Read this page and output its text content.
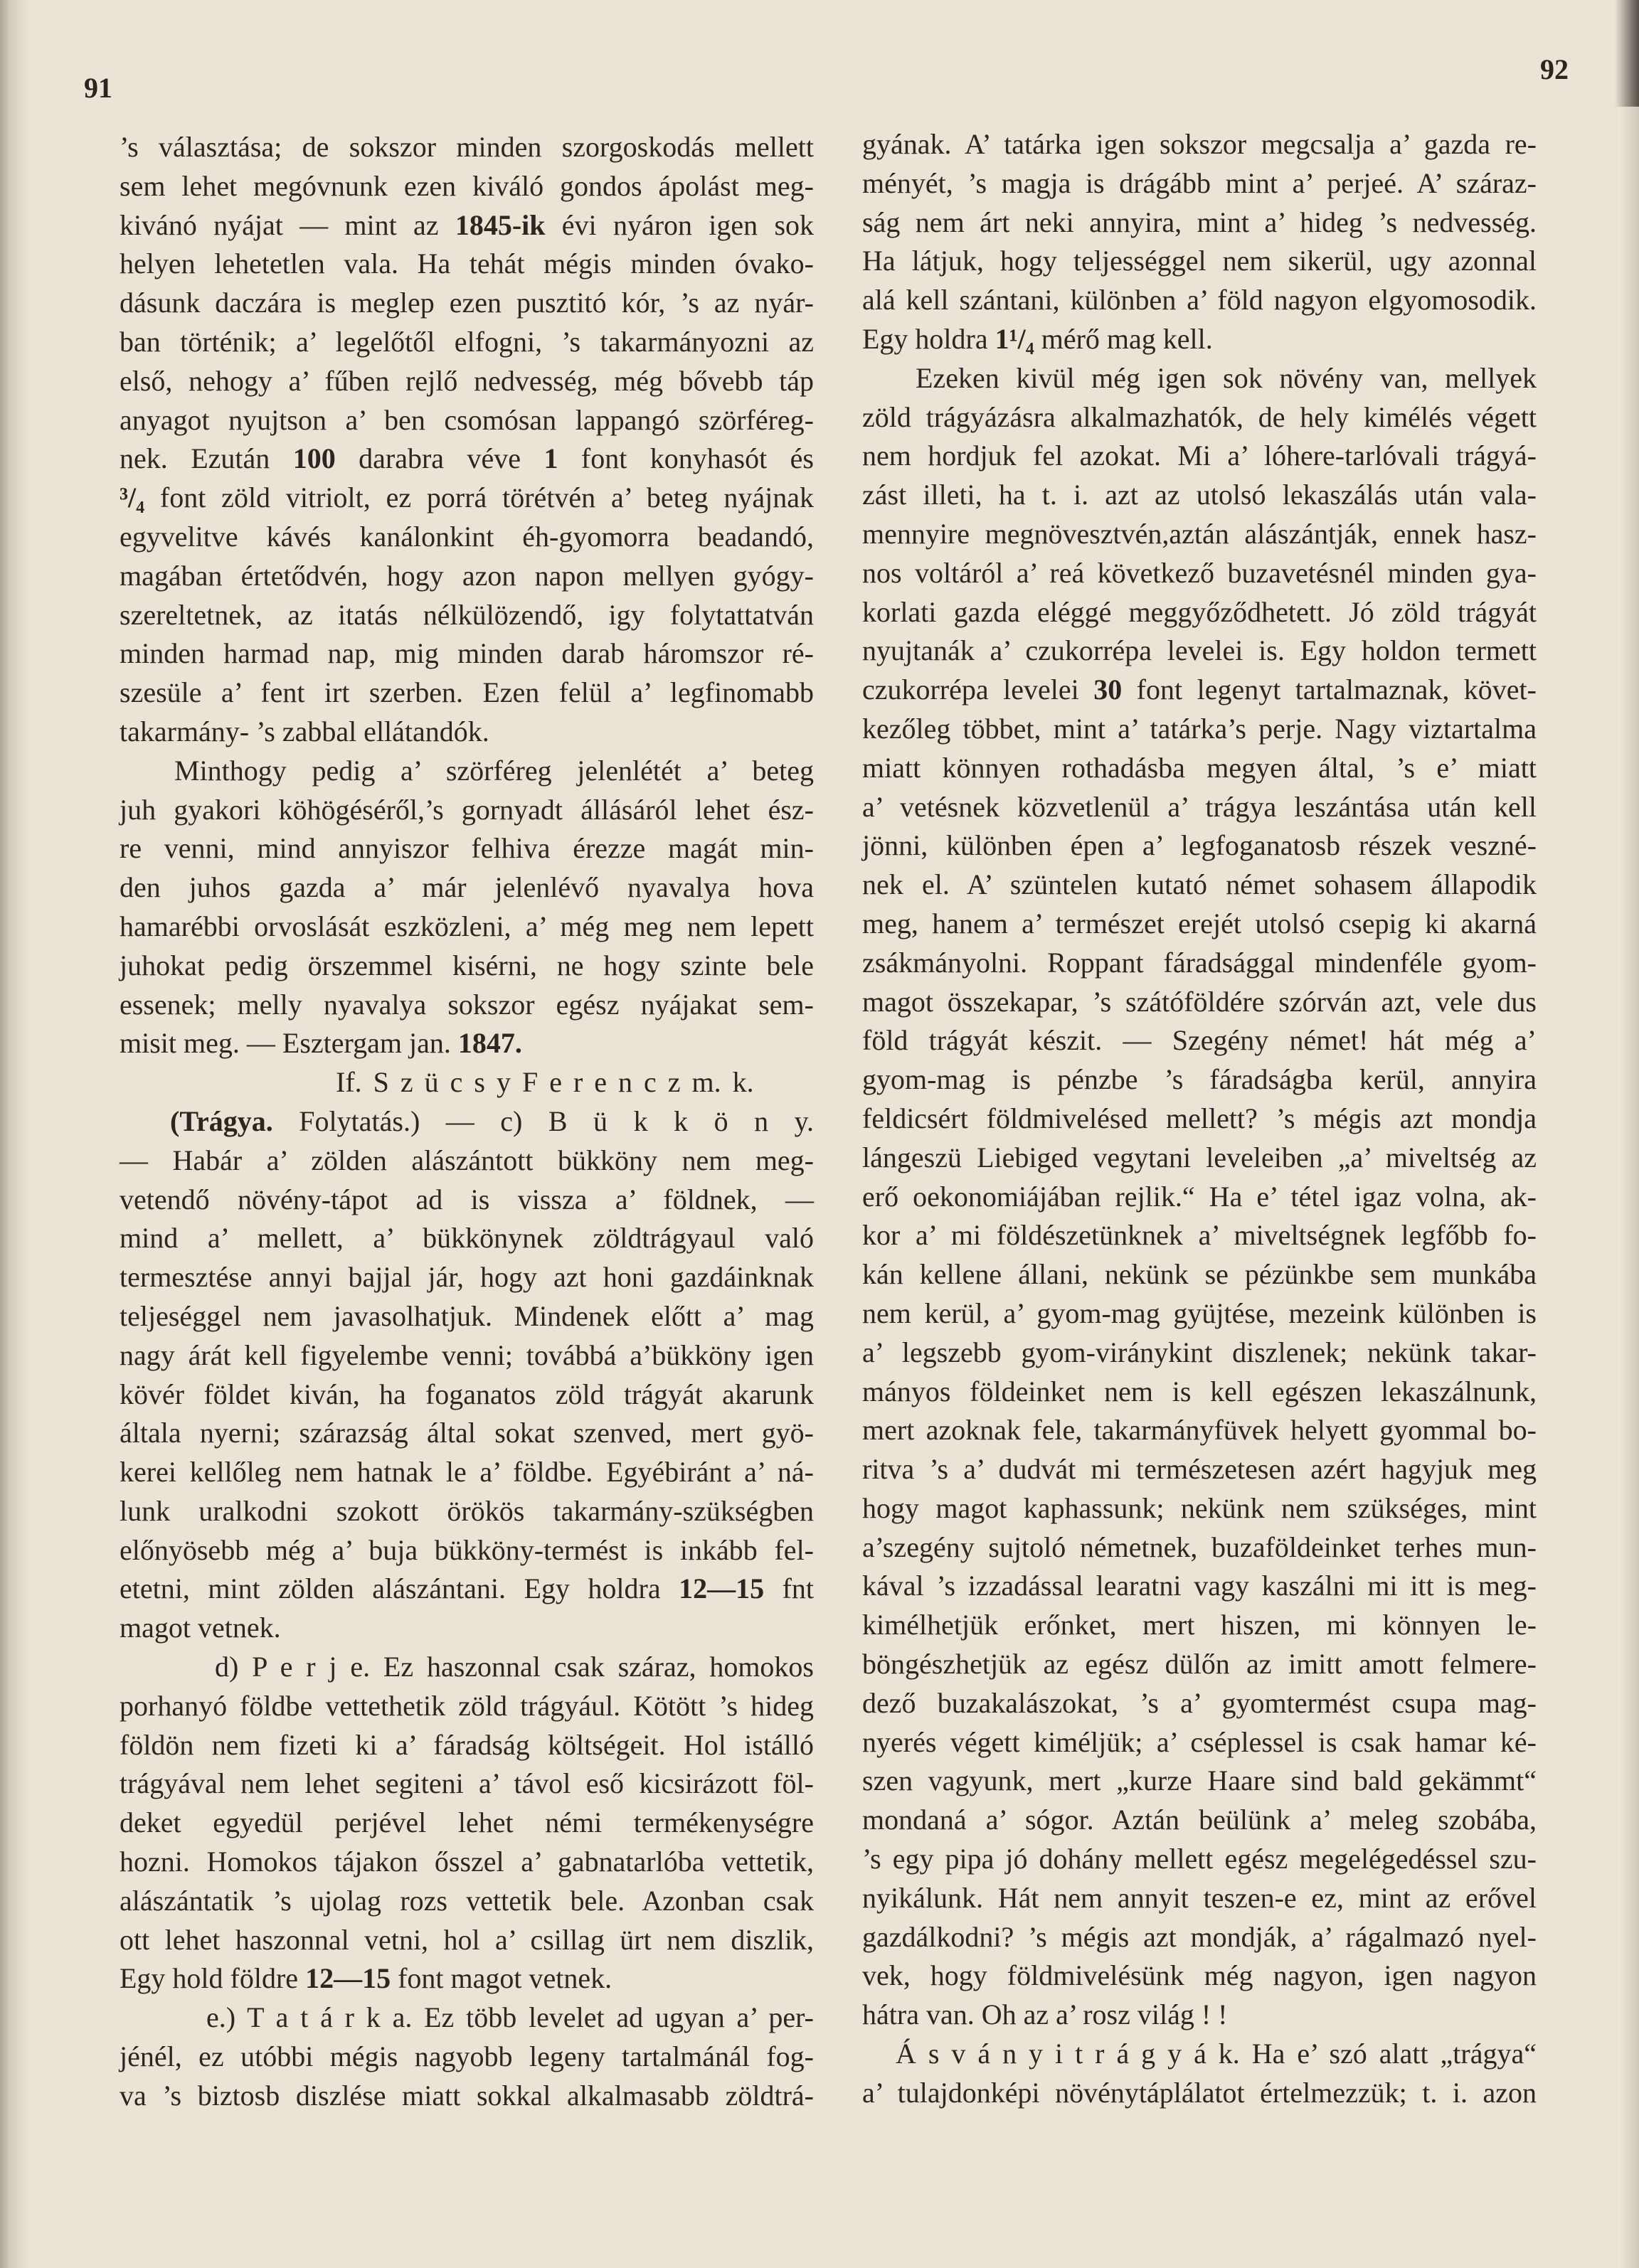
91
92
’s választása; de sokszor minden szorgoskodás mellett
sem lehet megóvnunk ezen kiváló gondos ápolást meg-
kivánó nyájat — mint az 1845-ik évi nyáron igen sok
helyen lehetetlen vala. Ha tehát mégis minden óvako-
dásunk daczára is meglep ezen pusztitó kór, ’s az nyár-
ban történik; a’ legelőtől elfogni, ’s takarmányozni az
első, nehogy a’ fűben rejlő nedvesség, még bővebb táp
anyagot nyujtson a’ ben csomósan lappangó szörféreg-
nek. Ezután 100 darabra véve 1 font konyhasót és
³/₄ font zöld vitriolt, ez porrá törétvén a’ beteg nyájnak
egyvelitve kávés kanálonkint éh-gyomorra beadandó,
magában értetődvén, hogy azon napon mellyen gyógy-
szereltetnek, az itatás nélkülözendő, igy folytattatván
minden harmad nap, mig minden darab háromszor ré-
szesüle a’ fent irt szerben. Ezen felül a’ legfinomabb
takarmány- ’s zabbal ellátandók.
Minthogy pedig a’ szörféreg jelenlétét a’ beteg
juh gyakori köhögéséről,’s gornyadt állásáról lehet ész-
re venni, mind annyiszor felhiva érezze magát min-
den juhos gazda a’ már jelenlévő nyavalya hova
hamarébbi orvoslását eszközleni, a’ még meg nem lepett
juhokat pedig örszemmel kisérni, ne hogy szinte bele
essenek; melly nyavalya sokszor egész nyájakat sem-
misit meg. — Esztergam jan. 1847.
If. S z ü c s y F e r e n c z m. k.
(Trágya. Folytatás.) — c) B ü k k ö n y.
— Habár a’ zölden alászántott bükköny nem meg-
vetendő növény-tápot ad is vissza a’ földnek, —
mind a’ mellett, a’ bükkönynek zöldtrágyaul való
termesztése annyi bajjal jár, hogy azt honi gazdáinknak
teljeséggel nem javasolhatjuk. Mindenek előtt a’ mag
nagy árát kell figyelembe venni; továbbá a’bükköny igen
kövér földet kiván, ha foganatos zöld trágyát akarunk
általa nyerni; szárazság által sokat szenved, mert gyö-
kerei kellőleg nem hatnak le a’ földbe. Egyébiránt a’ ná-
lunk uralkodni szokott örökös takarmány-szükségben
előnyösebb még a’ buja bükköny-termést is inkább fel-
etetni, mint zölden alászántani. Egy holdra 12—15 fnt
magot vetnek.
d) P e r j e. Ez haszonnal csak száraz, homokos
porhanyó földbe vettethetik zöld trágyául. Kötött ’s hideg
földön nem fizeti ki a’ fáradság költségeit. Hol istálló
trágyával nem lehet segiteni a’ távol eső kicsirázott föl-
deket egyedül perjével lehet némi termékenységre
hozni. Homokos tájakon ősszel a’ gabnatarlóba vettetik,
alászántatik ’s ujolag rozs vettetik bele. Azonban csak
ott lehet haszonnal vetni, hol a’ csillag ürt nem diszlik,
Egy hold földre 12—15 font magot vetnek.
e.) T a t á r k a. Ez több levelet ad ugyan a’ per-
jénél, ez utóbbi mégis nagyobb legeny tartalmánál fog-
va ’s biztosb diszlése miatt sokkal alkalmasabb zöldtrá-
gyának. A’ tatárka igen sokszor megcsalja a’ gazda re-
ményét, ’s magja is drágább mint a’ perjeé. A’ száraz-
ság nem árt neki annyira, mint a’ hideg ’s nedvesség.
Ha látjuk, hogy teljességgel nem sikerül, ugy azonnal
alá kell szántani, különben a’ föld nagyon elgyomosodik.
Egy holdra 1¹/₄ mérő mag kell.
Ezeken kivül még igen sok növény van, mellyek
zöld trágyázásra alkalmazhatók, de hely kimélés végett
nem hordjuk fel azokat. Mi a’ lóhere-tarlóvali trágyá-
zást illeti, ha t. i. azt az utolsó lekaszálás után vala-
mennyire megnövesztvén,aztán alászántják, ennek hasz-
nos voltáról a’ reá következő buzavetésnél minden gya-
korlati gazda eléggé meggyőződhetett. Jó zöld trágyát
nyujtanák a’ czukorrépa levelei is. Egy holdon termett
czukorrépa levelei 30 font legenyt tartalmaznak, követ-
kezőleg többet, mint a’ tatárka’s perje. Nagy viztartalma
miatt könnyen rothadásba megyen által, ’s e’ miatt
a’ vetésnek közvetlenül a’ trágya leszántása után kell
jönni, különben épen a’ legfoganatosb részek veszné-
nek el. A’ szüntelen kutató német sohasem állapodik
meg, hanem a’ természet erejét utolsó csepig ki akarná
zsákmányolni. Roppant fáradsággal mindenféle gyom-
magot összekapar, ’s szátóföldére szórván azt, vele dus
föld trágyát készit. — Szegény német! hát még a’
gyom-mag is pénzbe ’s fáradságba kerül, annyira
feldicsért földmivelésed mellett? ’s mégis azt mondja
lángeszü Liebiged vegytani leveleiben „a’ miveltség az
erő oekonomiájában rejlik.“ Ha e’ tétel igaz volna, ak-
kor a’ mi földészetünknek a’ miveltségnek legfőbb fo-
kán kellene állani, nekünk se pézünkbe sem munkába
nem kerül, a’ gyom-mag gyüjtése, mezeink különben is
a’ legszebb gyom-viránykint diszlenek; nekünk takar-
mányos földeinket nem is kell egészen lekaszálnunk,
mert azoknak fele, takarmányfüvek helyett gyommal bo-
ritva ’s a’ dudvát mi természetesen azért hagyjuk meg
hogy magot kaphassunk; nekünk nem szükséges, mint
a’szegény sujtoló németnek, buzaföldeinket terhes mun-
kával ’s izzadással learatni vagy kaszálni mi itt is meg-
kimélhetjük erőnket, mert hiszen, mi könnyen le-
böngészhetjük az egész dülőn az imitt amott felmere-
dező buzakalászokat, ’s a’ gyomtermést csupa mag-
nyerés végett kiméljük; a’ cséplessel is csak hamar ké-
szen vagyunk, mert „kurze Haare sind bald gekämmt“
mondaná a’ sógor. Aztán beülünk a’ meleg szobába,
’s egy pipa jó dohány mellett egész megelégedéssel szu-
nyikálunk. Hát nem annyit teszen-e ez, mint az erővel
gazdálkodni? ’s mégis azt mondják, a’ rágalmazó nyel-
vek, hogy földmivelésünk még nagyon, igen nagyon
hátra van. Oh az a’ rosz világ ! !
Á s v á n y i t r á g y á k. Ha e’ szó alatt „trágya“
a’ tulajdonképi növénytáplálatot értelmezzük; t. i. azon
